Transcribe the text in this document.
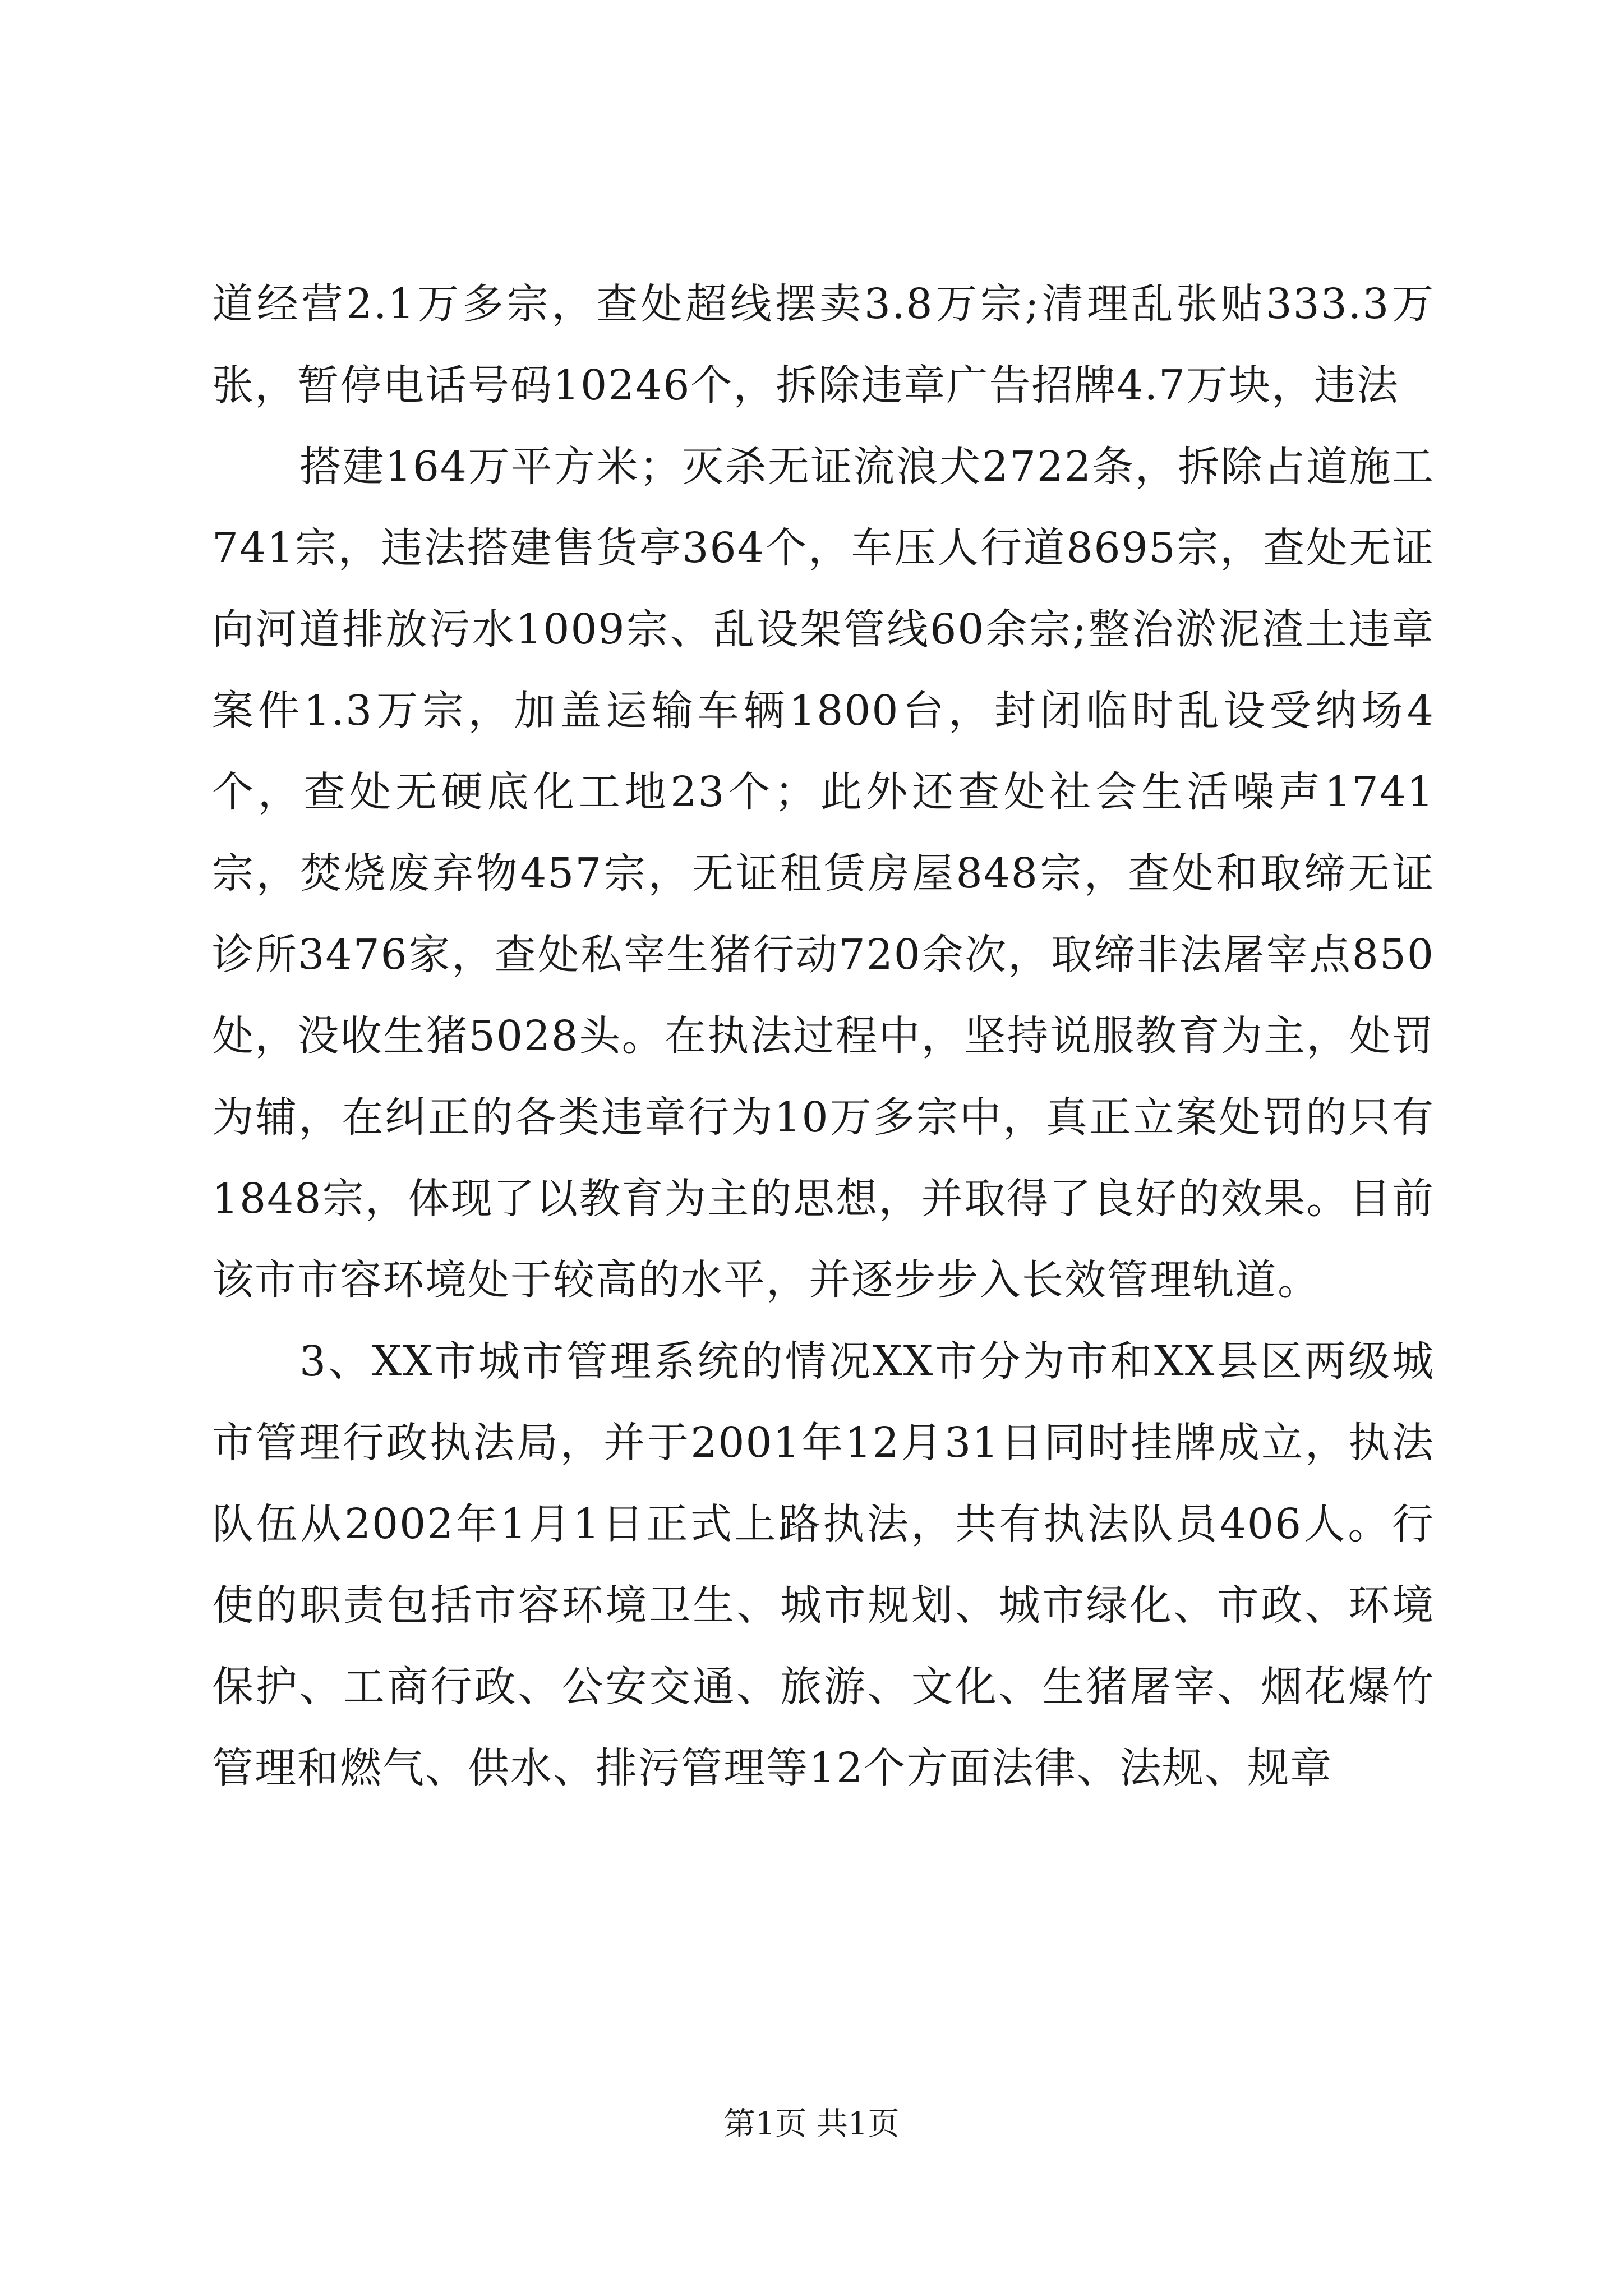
道经营2.1万多宗，查处超线摆卖3.8万宗;清理乱张贴333.3万张，暂停电话号码10246个，拆除违章广告招牌4.7万块，违法

搭建164万平方米；灭杀无证流浪犬2722条，拆除占道施工741宗，违法搭建售货亭364个，车压人行道8695宗，查处无证向河道排放污水1009宗、乱设架管线60余宗;整治淤泥渣土违章案件1.3万宗，加盖运输车辆1800台，封闭临时乱设受纳场4个，查处无硬底化工地23个；此外还查处社会生活噪声1741宗，焚烧废弃物457宗，无证租赁房屋848宗，查处和取缔无证诊所3476家，查处私宰生猪行动720余次，取缔非法屠宰点850处，没收生猪5028头。在执法过程中，坚持说服教育为主，处罚为辅，在纠正的各类违章行为10万多宗中，真正立案处罚的只有1848宗，体现了以教育为主的思想，并取得了良好的效果。目前该市市容环境处于较高的水平，并逐步步入长效管理轨道。

3、XX市城市管理系统的情况XX市分为市和XX县区两级城市管理行政执法局，并于2001年12月31日同时挂牌成立，执法队伍从2002年1月1日正式上路执法，共有执法队员406人。行使的职责包括市容环境卫生、城市规划、城市绿化、市政、环境保护、工商行政、公安交通、旅游、文化、生猪屠宰、烟花爆竹管理和燃气、供水、排污管理等12个方面法律、法规、规章

第1页 共1页
